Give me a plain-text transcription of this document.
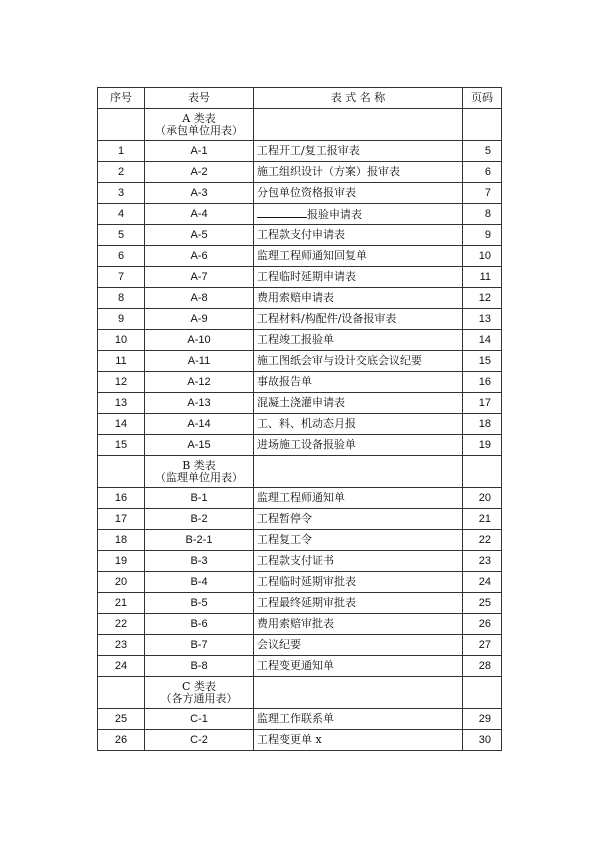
序号	表号	表 式 名 称	页码
	A 类表
（承包单位用表）		
1	A-1	工程开工/复工报审表	5
2	A-2	施工组织设计（方案）报审表	6
3	A-3	分包单位资格报审表	7
4	A-4	报验申请表	8
5	A-5	工程款支付申请表	9
6	A-6	监理工程师通知回复单	10
7	A-7	工程临时延期申请表	11
8	A-8	费用索赔申请表	12
9	A-9	工程材料/构配件/设备报审表	13
10	A-10	工程竣工报验单	14
11	A-11	施工图纸会审与设计交底会议纪要	15
12	A-12	事故报告单	16
13	A-13	混凝土浇灌申请表	17
14	A-14	工、料、机动态月报	18
15	A-15	进场施工设备报验单	19
	B 类表
（监理单位用表）		
16	B-1	监理工程师通知单	20
17	B-2	工程暂停令	21
18	B-2-1	工程复工令	22
19	B-3	工程款支付证书	23
20	B-4	工程临时延期审批表	24
21	B-5	工程最终延期审批表	25
22	B-6	费用索赔审批表	26
23	B-7	会议纪要	27
24	B-8	工程变更通知单	28
	C 类表
（各方通用表）		
25	C-1	监理工作联系单	29
26	C-2	工程变更单 x	30
